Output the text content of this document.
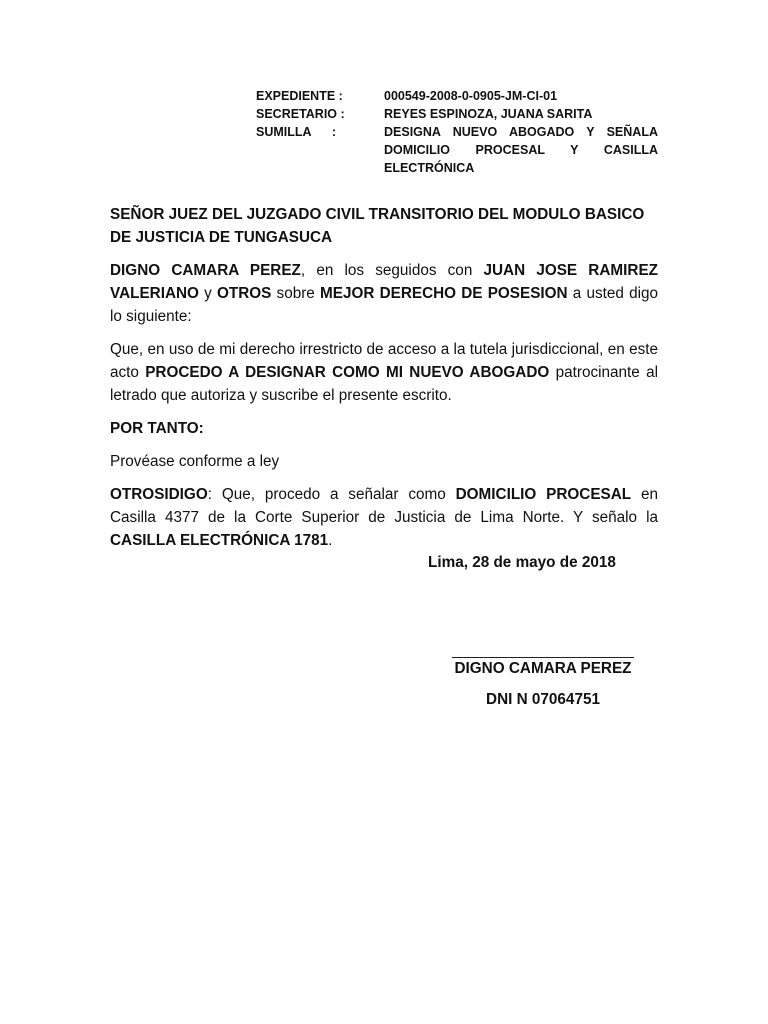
EXPEDIENTE :	000549-2008-0-0905-JM-CI-01
SECRETARIO :	REYES ESPINOZA, JUANA SARITA
SUMILLA      :	DESIGNA NUEVO ABOGADO Y SEÑALA DOMICILIO PROCESAL Y CASILLA ELECTRÓNICA

SEÑOR JUEZ DEL JUZGADO CIVIL TRANSITORIO DEL MODULO BASICO DE JUSTICIA DE TUNGASUCA

DIGNO CAMARA PEREZ, en los seguidos con JUAN JOSE RAMIREZ VALERIANO y OTROS sobre MEJOR DERECHO DE POSESION a usted digo lo siguiente:

Que, en uso de mi derecho irrestricto de acceso a la tutela jurisdiccional, en este acto PROCEDO A DESIGNAR COMO MI NUEVO ABOGADO patrocinante al letrado que autoriza y suscribe el presente escrito.

POR TANTO:

Provéase conforme a ley

OTROSIDIGO: Que, procedo a señalar como DOMICILIO PROCESAL en Casilla 4377 de la Corte Superior de Justicia de Lima Norte. Y señalo la CASILLA ELECTRÓNICA 1781.

Lima, 28 de mayo de 2018
DIGNO CAMARA PEREZ
DNI N 07064751
